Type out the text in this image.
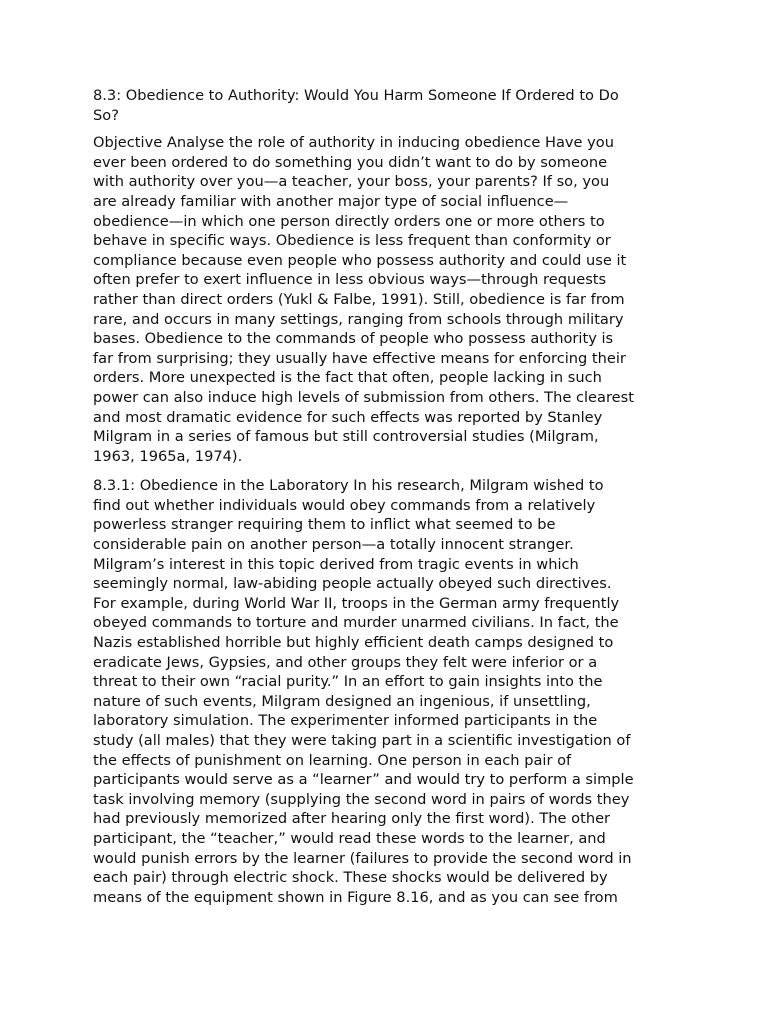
8.3: Obedience to Authority: Would You Harm Someone If Ordered to Do
So?

Objective Analyse the role of authority in inducing obedience Have you
ever been ordered to do something you didn’t want to do by someone
with authority over you—a teacher, your boss, your parents? If so, you
are already familiar with another major type of social influence—
obedience—in which one person directly orders one or more others to
behave in specific ways. Obedience is less frequent than conformity or
compliance because even people who possess authority and could use it
often prefer to exert influence in less obvious ways—through requests
rather than direct orders (Yukl & Falbe, 1991). Still, obedience is far from
rare, and occurs in many settings, ranging from schools through military
bases. Obedience to the commands of people who possess authority is
far from surprising; they usually have effective means for enforcing their
orders. More unexpected is the fact that often, people lacking in such
power can also induce high levels of submission from others. The clearest
and most dramatic evidence for such effects was reported by Stanley
Milgram in a series of famous but still controversial studies (Milgram,
1963, 1965a, 1974).

8.3.1: Obedience in the Laboratory In his research, Milgram wished to
find out whether individuals would obey commands from a relatively
powerless stranger requiring them to inflict what seemed to be
considerable pain on another person—a totally innocent stranger.
Milgram’s interest in this topic derived from tragic events in which
seemingly normal, law-abiding people actually obeyed such directives.
For example, during World War II, troops in the German army frequently
obeyed commands to torture and murder unarmed civilians. In fact, the
Nazis established horrible but highly efficient death camps designed to
eradicate Jews, Gypsies, and other groups they felt were inferior or a
threat to their own “racial purity.” In an effort to gain insights into the
nature of such events, Milgram designed an ingenious, if unsettling,
laboratory simulation. The experimenter informed participants in the
study (all males) that they were taking part in a scientific investigation of
the effects of punishment on learning. One person in each pair of
participants would serve as a “learner” and would try to perform a simple
task involving memory (supplying the second word in pairs of words they
had previously memorized after hearing only the first word). The other
participant, the “teacher,” would read these words to the learner, and
would punish errors by the learner (failures to provide the second word in
each pair) through electric shock. These shocks would be delivered by
means of the equipment shown in Figure 8.16, and as you can see from
